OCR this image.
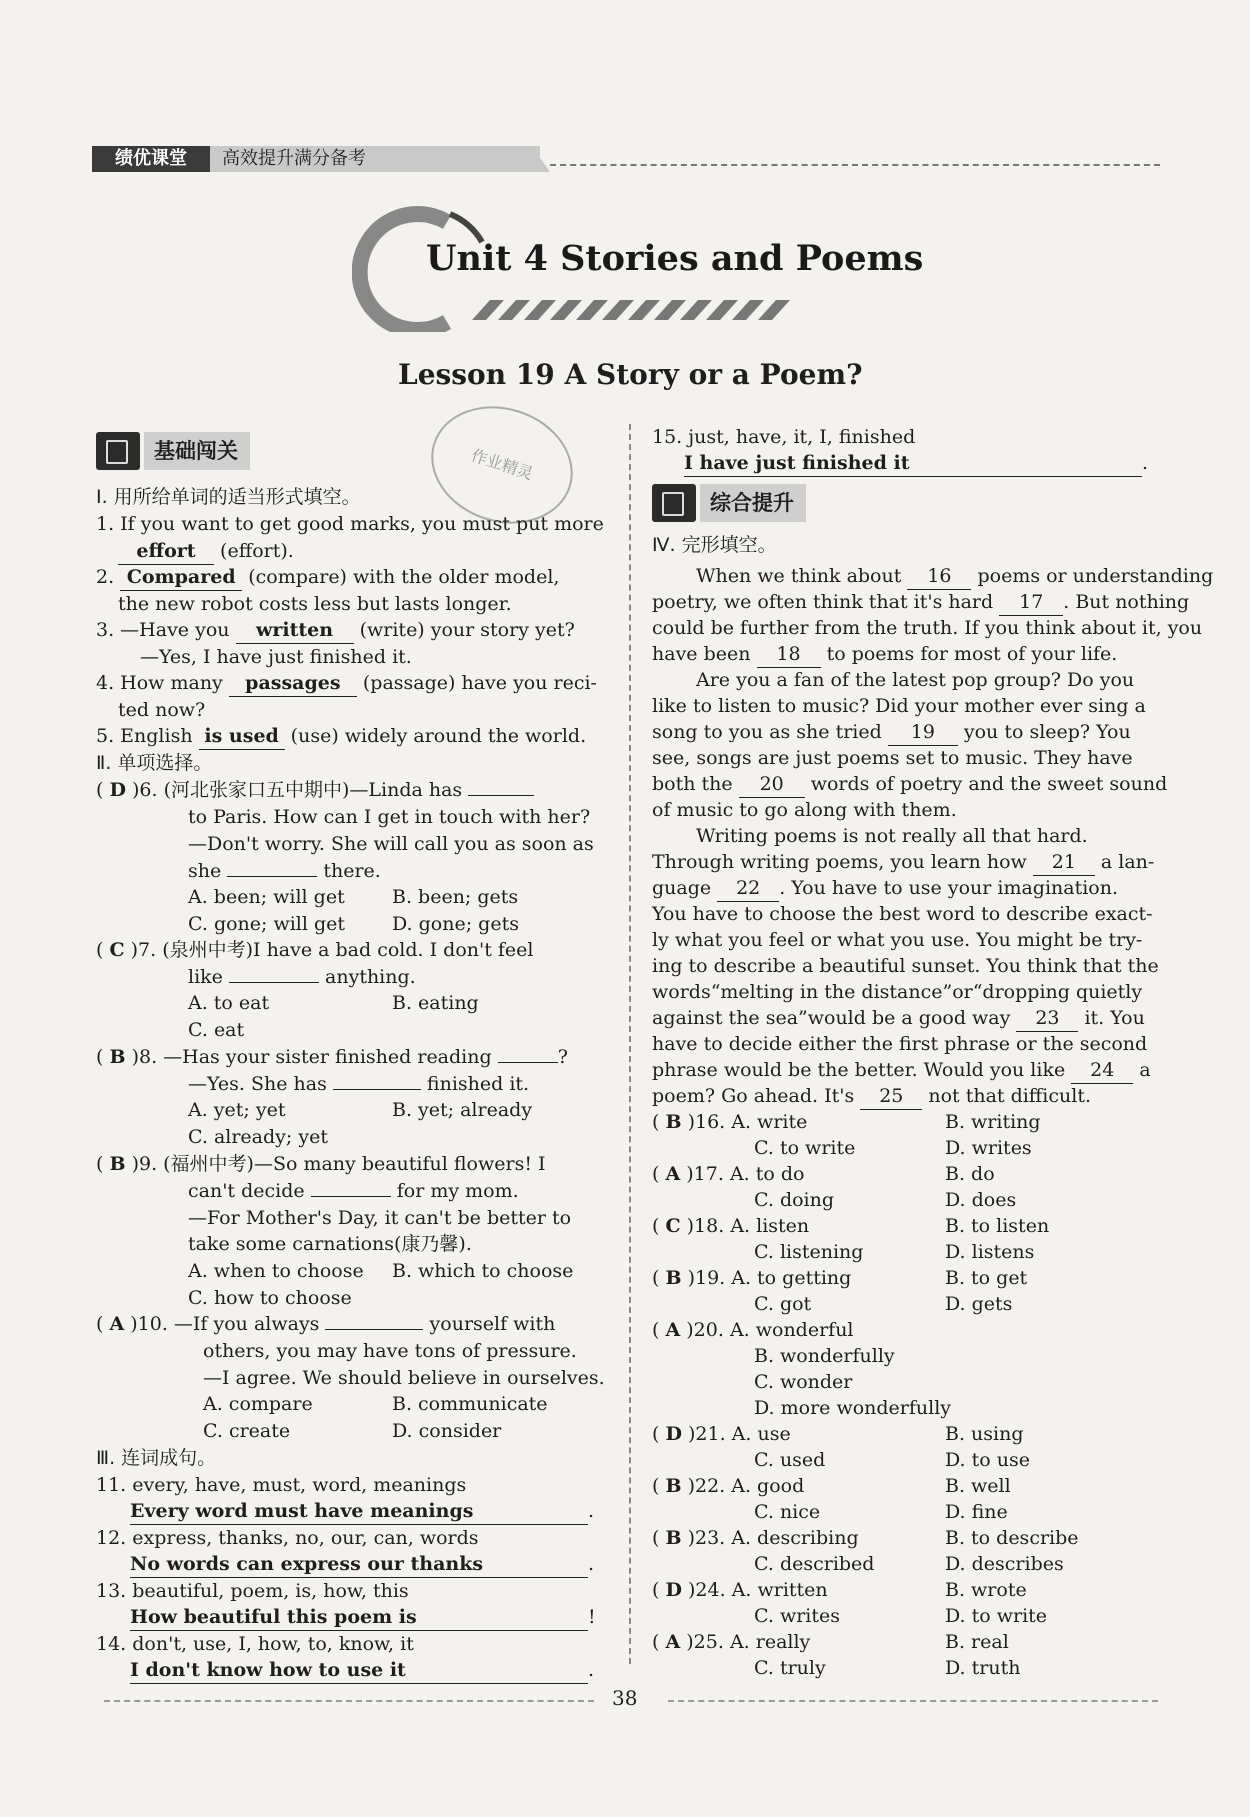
绩优课堂	高效提升满分备考
Unit 4 Stories and Poems
Lesson 19 A Story or a Poem?
作业精灵
基础闯关
Ⅰ. 用所给单词的适当形式填空。
1. If you want to get good marks, you must put more
effort (effort).
2. Compared (compare) with the older model,
the new robot costs less but lasts longer.
3. —Have you written (write) your story yet?
—Yes, I have just finished it.
4. How many passages (passage) have you reci-
ted now?
5. English is used (use) widely around the world.
Ⅱ. 单项选择。
( D )6. (河北张家口五中期中)—Linda has
to Paris. How can I get in touch with her?
—Don't worry. She will call you as soon as
she	there.
A. been; will get B. been; gets
C. gone; will get D. gone; gets
( C )7. (泉州中考)I have a bad cold. I don't feel
like	anything.
A. to eat	B. eating
C. eat
( B )8. —Has your sister finished reading	?
—Yes. She has	finished it.
A. yet; yet	B. yet; already
C. already; yet
( B )9. (福州中考)—So many beautiful flowers! I
can't decide	for my mom.
—For Mother's Day, it can't be better to
take some carnations(康乃馨).
A. when to choose B. which to choose
C. how to choose
( A )10. —If you always	yourself with
others, you may have tons of pressure.
—I agree. We should believe in ourselves.
A. compare	B. communicate
C. create	D. consider
Ⅲ. 连词成句。
11. every, have, must, word, meanings
Every word must have meanings	.
12. express, thanks, no, our, can, words
No words can express our thanks	.
13. beautiful, poem, is, how, this
How beautiful this poem is	!
14. don't, use, I, how, to, know, it
I don't know how to use it	.
15. just, have, it, I, finished
I have just finished it	.
综合提升
Ⅳ. 完形填空。
When we think about 16 poems or understanding
poetry, we often think that it's hard 17 . But nothing
could be further from the truth. If you think about it, you
have been 18 to poems for most of your life.
Are you a fan of the latest pop group? Do you
like to listen to music? Did your mother ever sing a
song to you as she tried 19 you to sleep? You
see, songs are just poems set to music. They have
both the 20 words of poetry and the sweet sound
of music to go along with them.
Writing poems is not really all that hard.
Through writing poems, you learn how 21 a lan-
guage 22 . You have to use your imagination.
You have to choose the best word to describe exact-
ly what you feel or what you use. You might be try-
ing to describe a beautiful sunset. You think that the
words“melting in the distance”or“dropping quietly
against the sea”would be a good way 23 it. You
have to decide either the first phrase or the second
phrase would be the better. Would you like 24 a
poem? Go ahead. It's 25 not that difficult.
( B )16. A. write	B. writing
C. to write	D. writes
( A )17. A. to do	B. do
C. doing	D. does
( C )18. A. listen	B. to listen
C. listening	D. listens
( B )19. A. to getting	B. to get
C. got	D. gets
( A )20. A. wonderful
B. wonderfully
C. wonder
D. more wonderfully
( D )21. A. use	B. using
C. used	D. to use
( B )22. A. good	B. well
C. nice	D. fine
( B )23. A. describing	B. to describe
C. described	D. describes
( D )24. A. written	B. wrote
C. writes	D. to write
( A )25. A. really	B. real
C. truly	D. truth
38
